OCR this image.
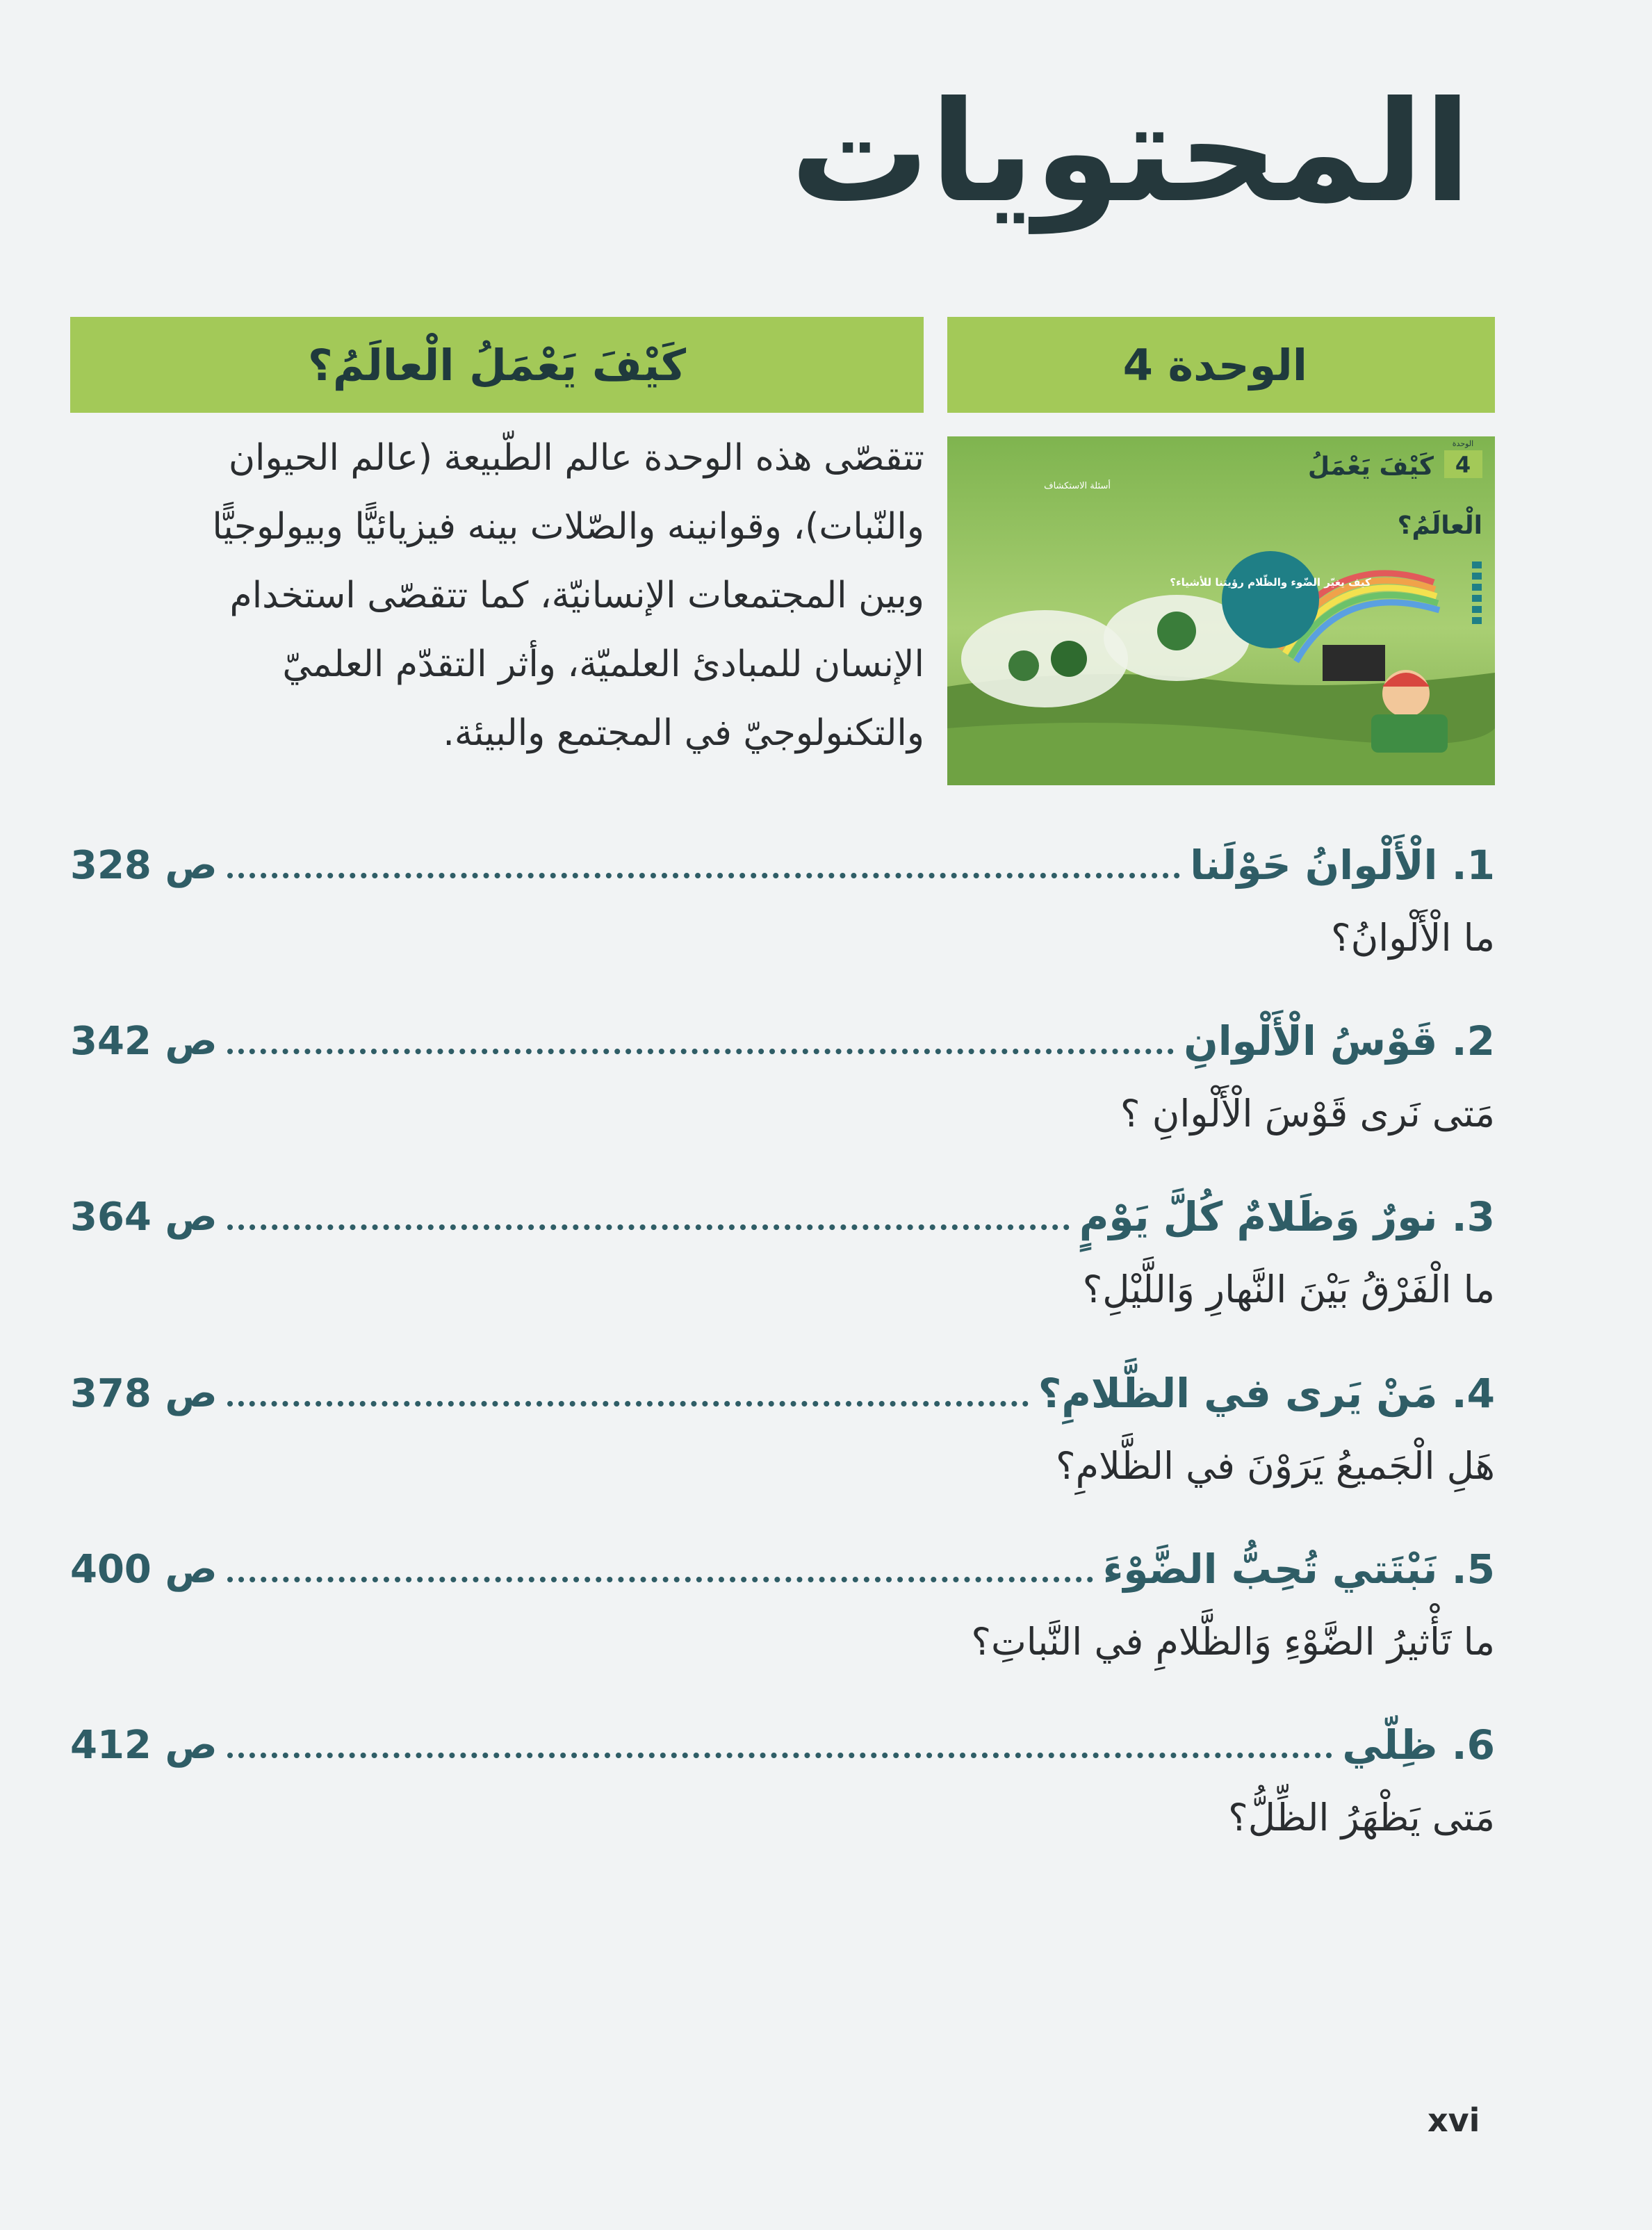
المحتويات
الوحدة 4
كَيْفَ يَعْمَلُ الْعالَمُ؟
كيف يغيّر الضّوء والظّلام رؤيتنا للأشياء؟
الوحدة
4
كَيْفَ يَعْمَلُ
الْعالَمُ؟
أسئلة الاستكشاف
تتقصّى هذه الوحدة عالم الطّبيعة (عالم الحيوان
والنّبات)، وقوانينه والصّلات بينه فيزيائيًّا وبيولوجيًّا
وبين المجتمعات الإنسانيّة، كما تتقصّى استخدام
الإنسان للمبادئ العلميّة، وأثر التقدّم العلميّ
والتكنولوجيّ في المجتمع والبيئة.
1. الْأَلْوانُ حَوْلَنا
ص 328
ما الْأَلْوانُ؟
2. قَوْسُ الْأَلْوانِ
ص 342
مَتى نَرى قَوْسَ الْأَلْوانِ ؟
3. نورٌ وَظَلامٌ كُلَّ يَوْمٍ
ص 364
ما الْفَرْقُ بَيْنَ النَّهارِ وَاللَّيْلِ؟
4. مَنْ يَرى في الظَّلامِ؟
ص 378
هَلِ الْجَميعُ يَرَوْنَ في الظَّلامِ؟
5. نَبْتَتي تُحِبُّ الضَّوْءَ
ص 400
ما تَأْثيرُ الضَّوْءِ وَالظَّلامِ في النَّباتِ؟
6. ظِلّي
ص 412
مَتى يَظْهَرُ الظِّلُّ؟
xvi
